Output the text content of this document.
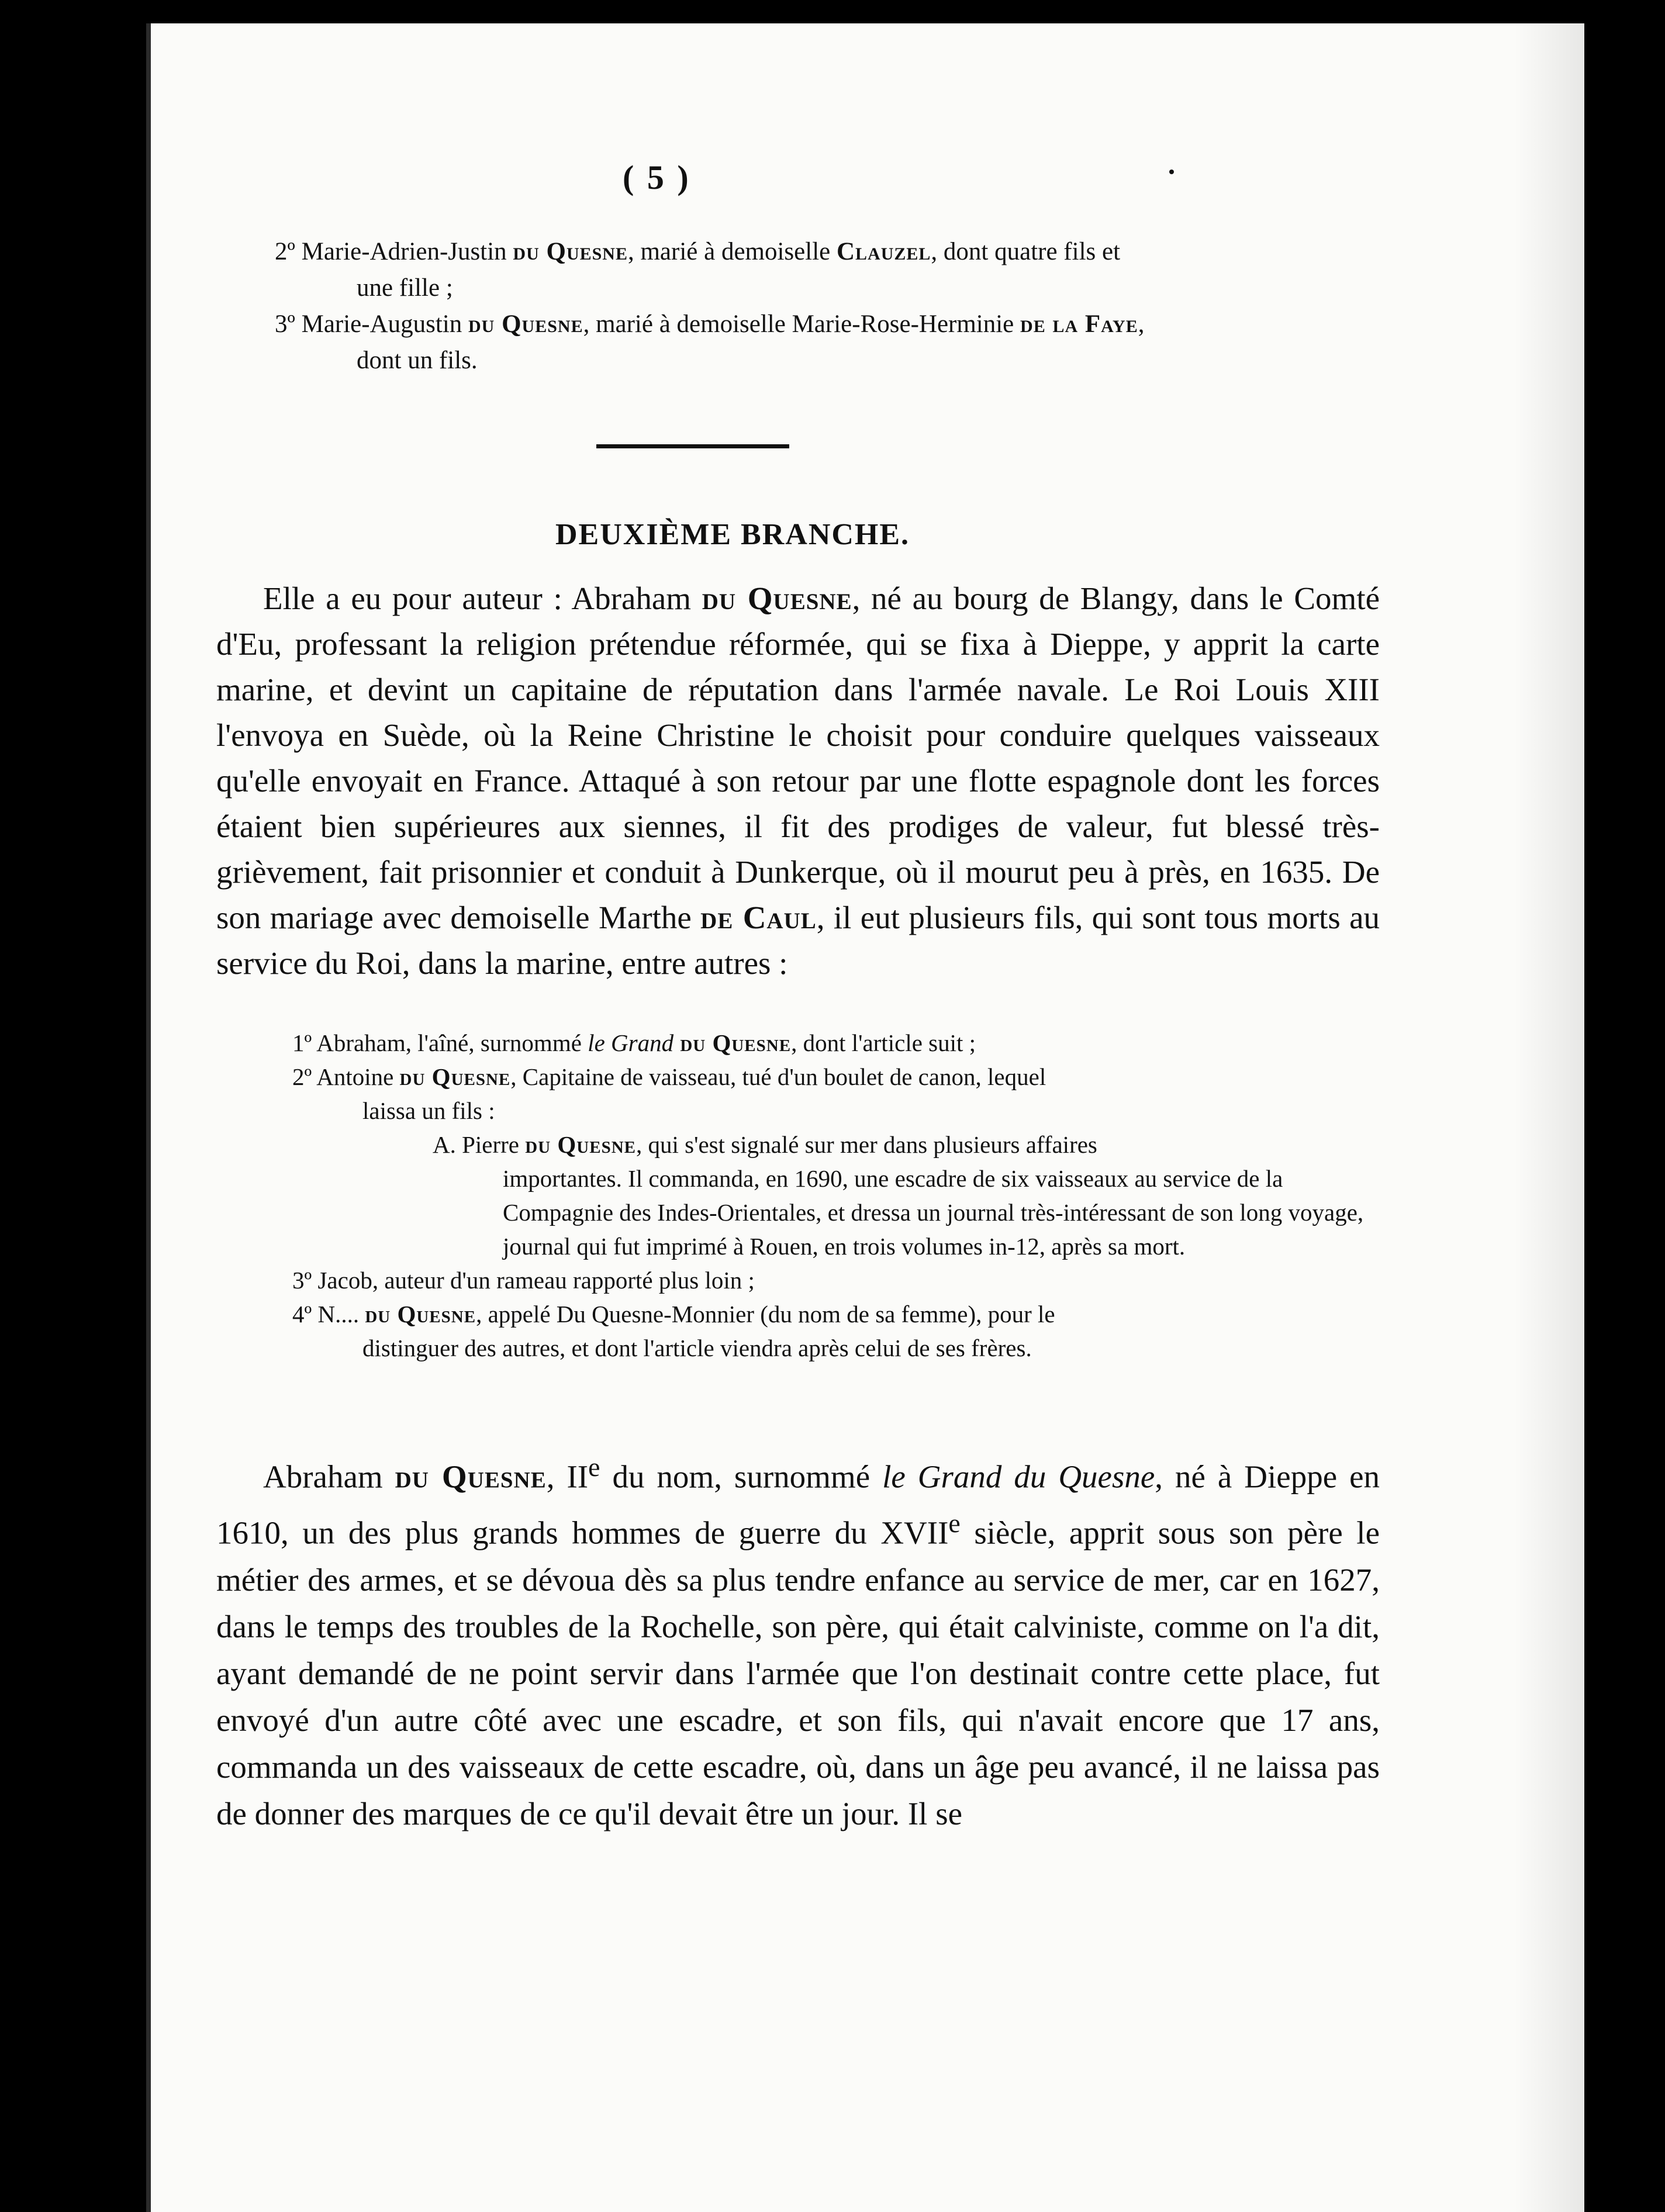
( 5 )

2º Marie-Adrien-Justin du Quesne, marié à demoiselle Clauzel, dont quatre fils et
une fille ;

3º Marie-Augustin du Quesne, marié à demoiselle Marie-Rose-Herminie de la Faye,
dont un fils.

DEUXIÈME BRANCHE.

Elle a eu pour auteur : Abraham du Quesne, né au bourg de Blangy, dans le Comté d'Eu, professant la religion prétendue réformée, qui se fixa à Dieppe, y apprit la carte marine, et devint un capitaine de réputation dans l'armée navale. Le Roi Louis XIII l'envoya en Suède, où la Reine Christine le choisit pour conduire quelques vaisseaux qu'elle envoyait en France. Attaqué à son retour par une flotte espagnole dont les forces étaient bien supérieures aux siennes, il fit des prodiges de valeur, fut blessé très-grièvement, fait prisonnier et conduit à Dunkerque, où il mourut peu à près, en 1635. De son mariage avec demoiselle Marthe de Caul, il eut plusieurs fils, qui sont tous morts au service du Roi, dans la marine, entre autres :

1º Abraham, l'aîné, surnommé le Grand du Quesne, dont l'article suit ;

2º Antoine du Quesne, Capitaine de vaisseau, tué d'un boulet de canon, lequel
laissa un fils :

A. Pierre du Quesne, qui s'est signalé sur mer dans plusieurs affaires
importantes. Il commanda, en 1690, une escadre de six vaisseaux au service de la Compagnie des Indes-Orientales, et dressa un journal très-intéressant de son long voyage, journal qui fut imprimé à Rouen, en trois volumes in-12, après sa mort.

3º Jacob, auteur d'un rameau rapporté plus loin ;

4º N.... du Quesne, appelé Du Quesne-Monnier (du nom de sa femme), pour le
distinguer des autres, et dont l'article viendra après celui de ses frères.

Abraham du Quesne, IIe du nom, surnommé le Grand du Quesne, né à Dieppe en 1610, un des plus grands hommes de guerre du XVIIe siècle, apprit sous son père le métier des armes, et se dévoua dès sa plus tendre enfance au service de mer, car en 1627, dans le temps des troubles de la Rochelle, son père, qui était calviniste, comme on l'a dit, ayant demandé de ne point servir dans l'armée que l'on destinait contre cette place, fut envoyé d'un autre côté avec une escadre, et son fils, qui n'avait encore que 17 ans, commanda un des vaisseaux de cette escadre, où, dans un âge peu avancé, il ne laissa pas de donner des marques de ce qu'il devait être un jour. Il se
